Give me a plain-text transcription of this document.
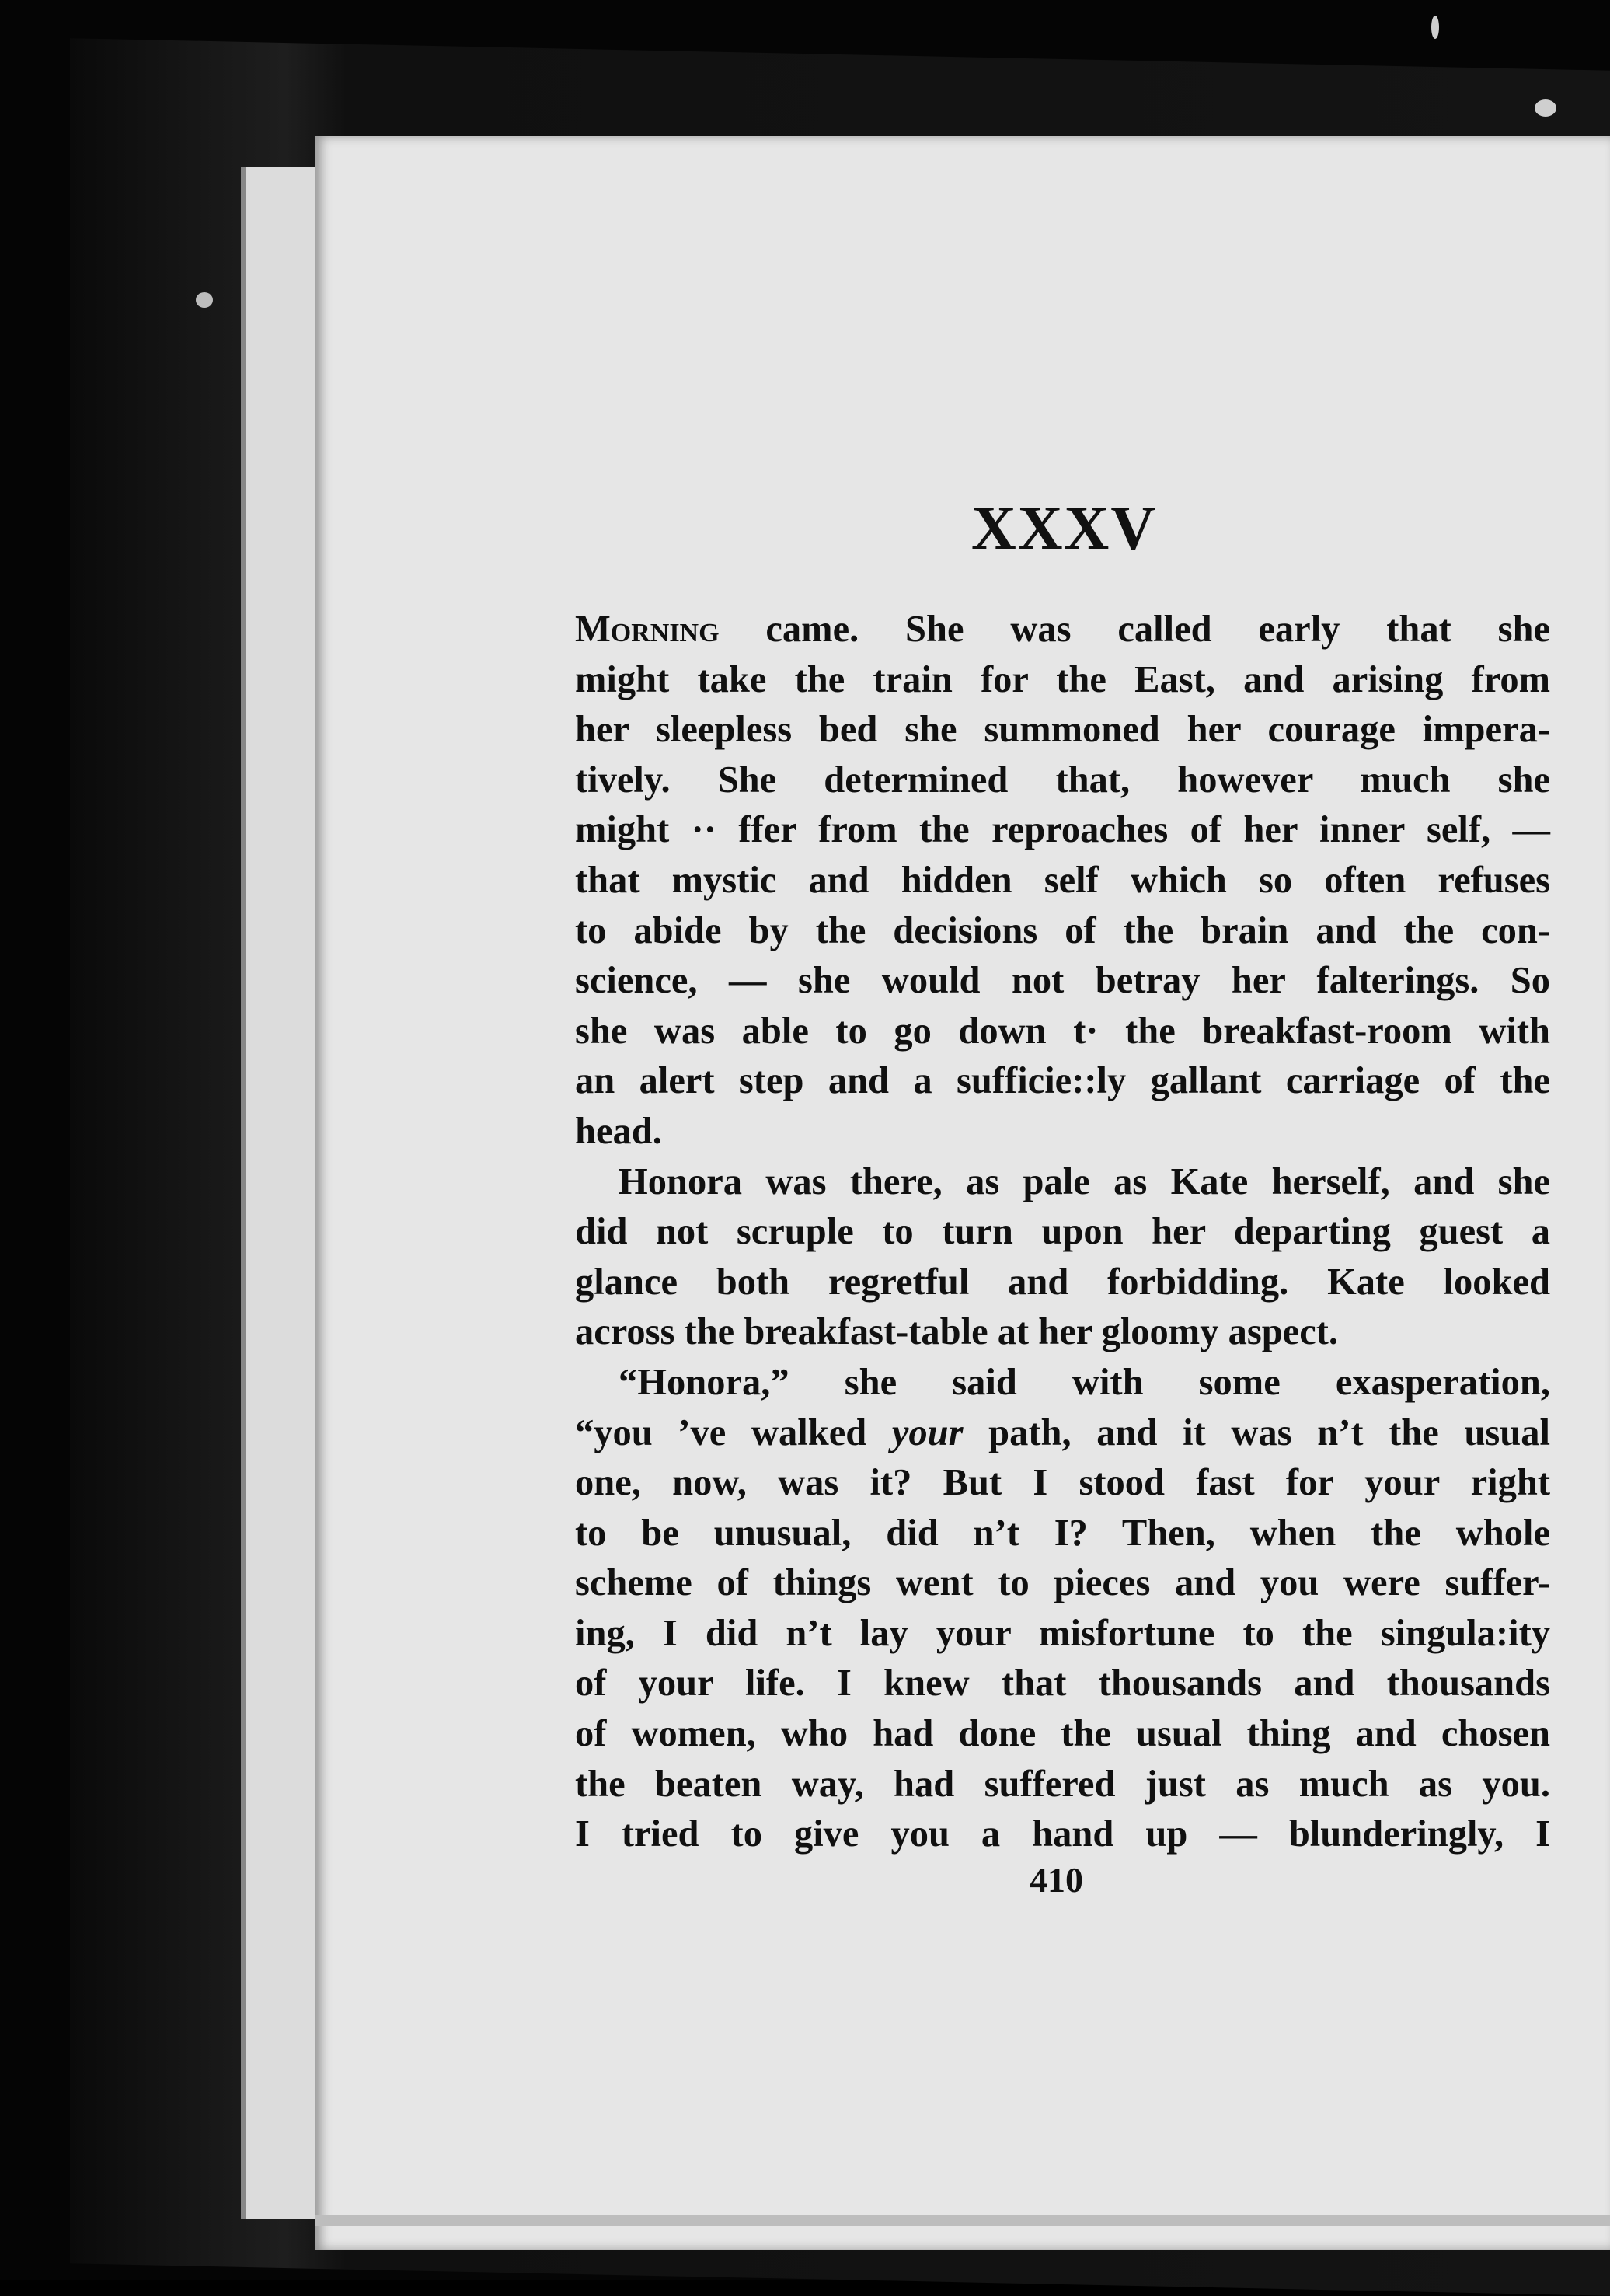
XXXV
Morning came. She was called early that she
might take the train for the East, and arising from
her sleepless bed she summoned her courage impera-
tively. She determined that, however much she
might ·· ffer from the reproaches of her inner self, —
that mystic and hidden self which so often refuses
to abide by the decisions of the brain and the con-
science, — she would not betray her falterings. So
she was able to go down t· the breakfast-room with
an alert step and a sufficie::ly gallant carriage of the
head.
Honora was there, as pale as Kate herself, and she
did not scruple to turn upon her departing guest a
glance both regretful and forbidding. Kate looked
across the breakfast-table at her gloomy aspect.
“Honora,” she said with some exasperation,
“you ’ve walked your path, and it was n’t the usual
one, now, was it? But I stood fast for your right
to be unusual, did n’t I? Then, when the whole
scheme of things went to pieces and you were suffer-
ing, I did n’t lay your misfortune to the singula:ity
of your life. I knew that thousands and thousands
of women, who had done the usual thing and chosen
the beaten way, had suffered just as much as you.
I tried to give you a hand up — blunderingly, I
410
